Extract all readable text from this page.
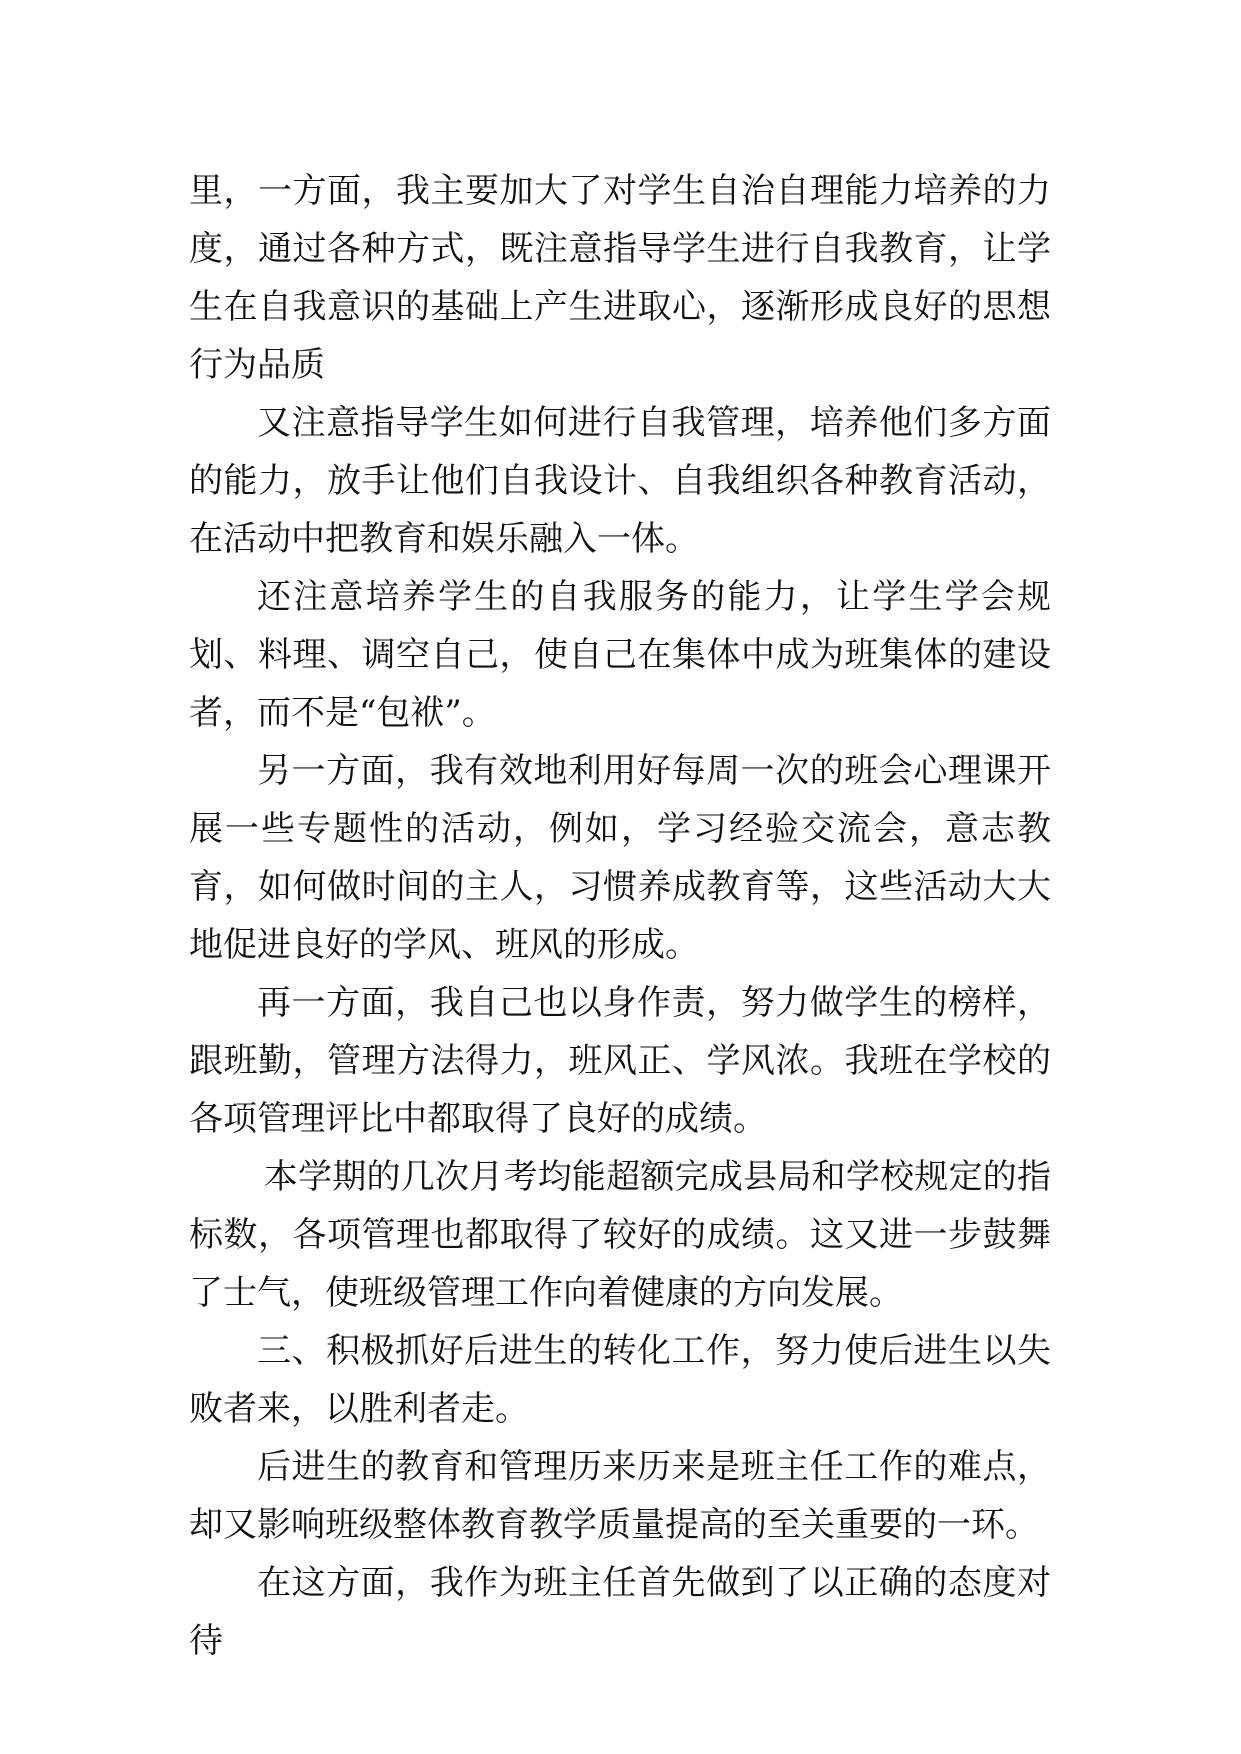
里，一方面，我主要加大了对学生自治自理能力培养的力度，通过各种方式，既注意指导学生进行自我教育，让学生在自我意识的基础上产生进取心，逐渐形成良好的思想行为品质

又注意指导学生如何进行自我管理，培养他们多方面的能力，放手让他们自我设计、自我组织各种教育活动，在活动中把教育和娱乐融入一体。

还注意培养学生的自我服务的能力，让学生学会规划、料理、调空自己，使自己在集体中成为班集体的建设者，而不是“包袱”。

另一方面，我有效地利用好每周一次的班会心理课开展一些专题性的活动，例如，学习经验交流会，意志教育，如何做时间的主人，习惯养成教育等，这些活动大大地促进良好的学风、班风的形成。

再一方面，我自己也以身作责，努力做学生的榜样，跟班勤，管理方法得力，班风正、学风浓。我班在学校的各项管理评比中都取得了良好的成绩。

本学期的几次月考均能超额完成县局和学校规定的指标数，各项管理也都取得了较好的成绩。这又进一步鼓舞了士气，使班级管理工作向着健康的方向发展。

三、积极抓好后进生的转化工作，努力使后进生以失败者来，以胜利者走。

后进生的教育和管理历来历来是班主任工作的难点，却又影响班级整体教育教学质量提高的至关重要的一环。

在这方面，我作为班主任首先做到了以正确的态度对待
